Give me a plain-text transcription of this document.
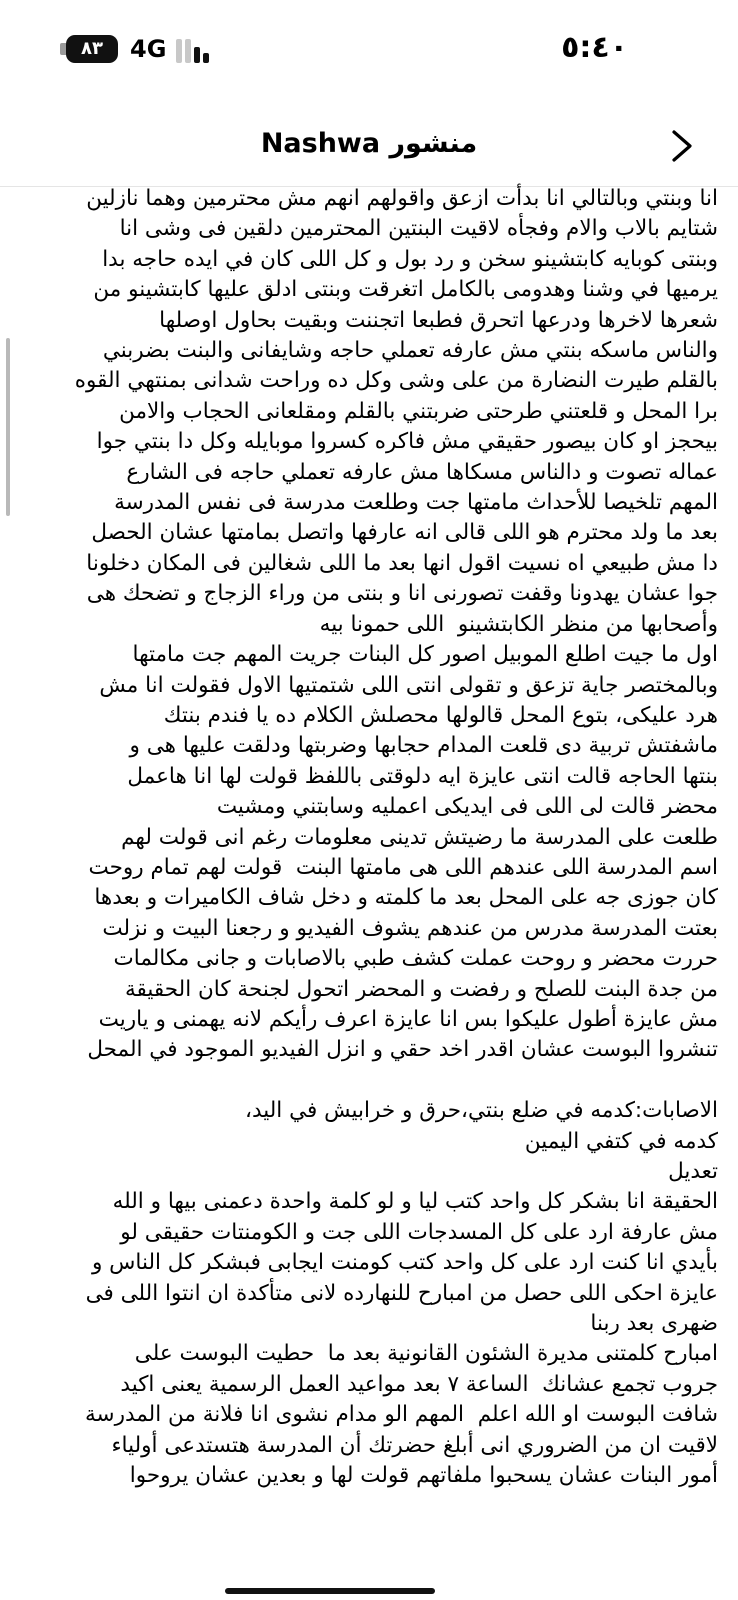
٨٣	4G	٥:٤٠
منشور Nashwa

انا وبنتي وبالتالي انا بدأت ازعق واقولهم انهم مش محترمين وهما نازلين
شتايم بالاب والام وفجأه لاقيت البنتين المحترمين دلقين فى وشى انا
وبنتى كوبايه كابتشينو سخن و رد بول و كل اللى كان في ايده حاجه بدا
يرميها في وشنا وهدومى بالكامل اتغرقت وبنتى ادلق عليها كابتشينو من
شعرها لاخرها ودرعها اتحرق فطبعا اتجننت وبقيت بحاول اوصلها
والناس ماسكه بنتي مش عارفه تعملي حاجه وشايفانى والبنت بضربني
بالقلم طيرت النضارة من على وشى وكل ده وراحت شدانى بمنتهي القوه
برا المحل و قلعتني طرحتى ضربتني بالقلم ومقلعانى الحجاب والامن
بيحجز او كان بيصور حقيقي مش فاكره كسروا موبايله وكل دا بنتي جوا
عماله تصوت و دالناس مسكاها مش عارفه تعملي حاجه فى الشارع
المهم تلخيصا للأحداث مامتها جت وطلعت مدرسة فى نفس المدرسة
بعد ما ولد محترم هو اللى قالى انه عارفها واتصل بمامتها عشان الحصل
دا مش طبيعي اه نسيت اقول انها بعد ما اللى شغالين فى المكان دخلونا
جوا عشان يهدونا وقفت تصورنى انا و بنتى من وراء الزجاج و تضحك هى
وأصحابها من منظر الكابتشينو  اللى حمونا بيه
اول ما جيت اطلع الموبيل اصور كل البنات جريت المهم جت مامتها
وبالمختصر جاية تزعق و تقولى انتى اللى شتمتيها الاول فقولت انا مش
هرد عليكى، بتوع المحل قالولها محصلش الكلام ده يا فندم بنتك
ماشفتش تربية دى قلعت المدام حجابها وضربتها ودلقت عليها هى و
بنتها الحاجه قالت انتى عايزة ايه دلوقتى باللفظ قولت لها انا هاعمل
محضر قالت لى اللى فى ايديكى اعمليه وسابتني ومشيت
طلعت على المدرسة ما رضيتش تدينى معلومات رغم انى قولت لهم
اسم المدرسة اللى عندهم اللى هى مامتها البنت  قولت لهم تمام روحت
كان جوزى جه على المحل بعد ما كلمته و دخل شاف الكاميرات و بعدها
بعتت المدرسة مدرس من عندهم يشوف الفيديو و رجعنا البيت و نزلت
حررت محضر و روحت عملت كشف طبي بالاصابات و جانى مكالمات
من جدة البنت للصلح و رفضت و المحضر اتحول لجنحة كان الحقيقة
مش عايزة أطول عليكوا بس انا عايزة اعرف رأيكم لانه يهمنى و ياريت
تنشروا البوست عشان اقدر اخد حقي و انزل الفيديو الموجود في المحل

الاصابات:كدمه في ضلع بنتي،حرق و خرابيش في اليد،
كدمه في كتفي اليمين
تعديل
الحقيقة انا بشكر كل واحد كتب ليا و لو كلمة واحدة دعمنى بيها و الله
مش عارفة ارد على كل المسدجات اللى جت و الكومنتات حقيقى لو
بأيدي انا كنت ارد على كل واحد كتب كومنت ايجابى فبشكر كل الناس و
عايزة احكى اللى حصل من امبارح للنهارده لانى متأكدة ان انتوا اللى فى
ضهرى بعد ربنا
امبارح كلمتنى مديرة الشئون القانونية بعد ما  حطيت البوست على
جروب تجمع عشانك  الساعة ٧ بعد مواعيد العمل الرسمية يعنى اكيد
شافت البوست او الله اعلم  المهم الو مدام نشوى انا فلانة من المدرسة
لاقيت ان من الضروري انى أبلغ حضرتك أن المدرسة هتستدعى أولياء
أمور البنات عشان يسحبوا ملفاتهم قولت لها و بعدين عشان يروحوا
